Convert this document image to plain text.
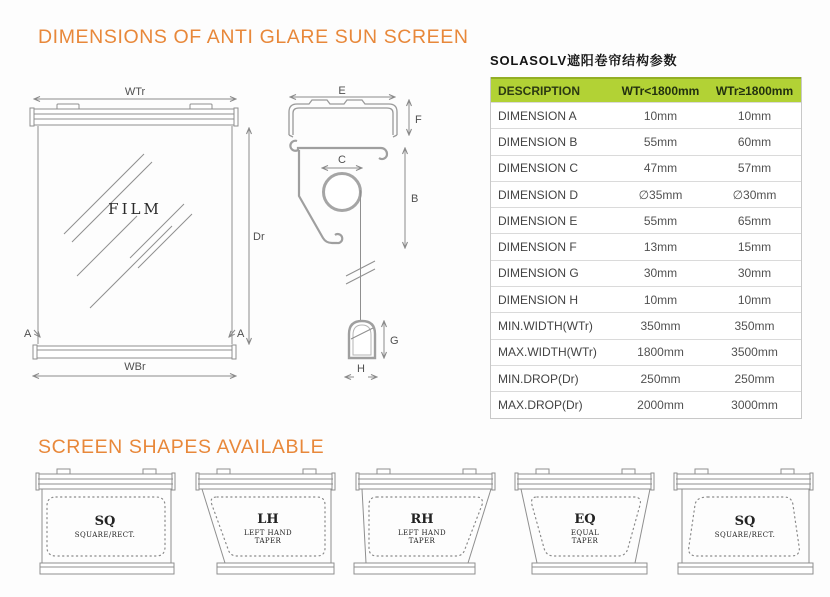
DIMENSIONS OF ANTI GLARE SUN SCREEN
WTr
FILM
Dr
A	A
WBr
E
F
C
B
G
H
SOLASOLV遮阳卷帘结构参数
DESCRIPTION	WTr<1800mm	WTr≥1800mm
DIMENSION A	10mm	10mm
DIMENSION B	55mm	60mm
DIMENSION C	47mm	57mm
DIMENSION D	∅35mm	∅30mm
DIMENSION E	55mm	65mm
DIMENSION F	13mm	15mm
DIMENSION G	30mm	30mm
DIMENSION H	10mm	10mm
MIN.WIDTH(WTr)	350mm	350mm
MAX.WIDTH(WTr)	1800mm	3500mm
MIN.DROP(Dr)	250mm	250mm
MAX.DROP(Dr)	2000mm	3000mm
SCREEN SHAPES AVAILABLE
SQ
SQUARE/RECT.
LH
LEFT HAND
TAPER
RH
LEFT HAND
TAPER
EQ
EQUAL
TAPER
SQ
SQUARE/RECT.
